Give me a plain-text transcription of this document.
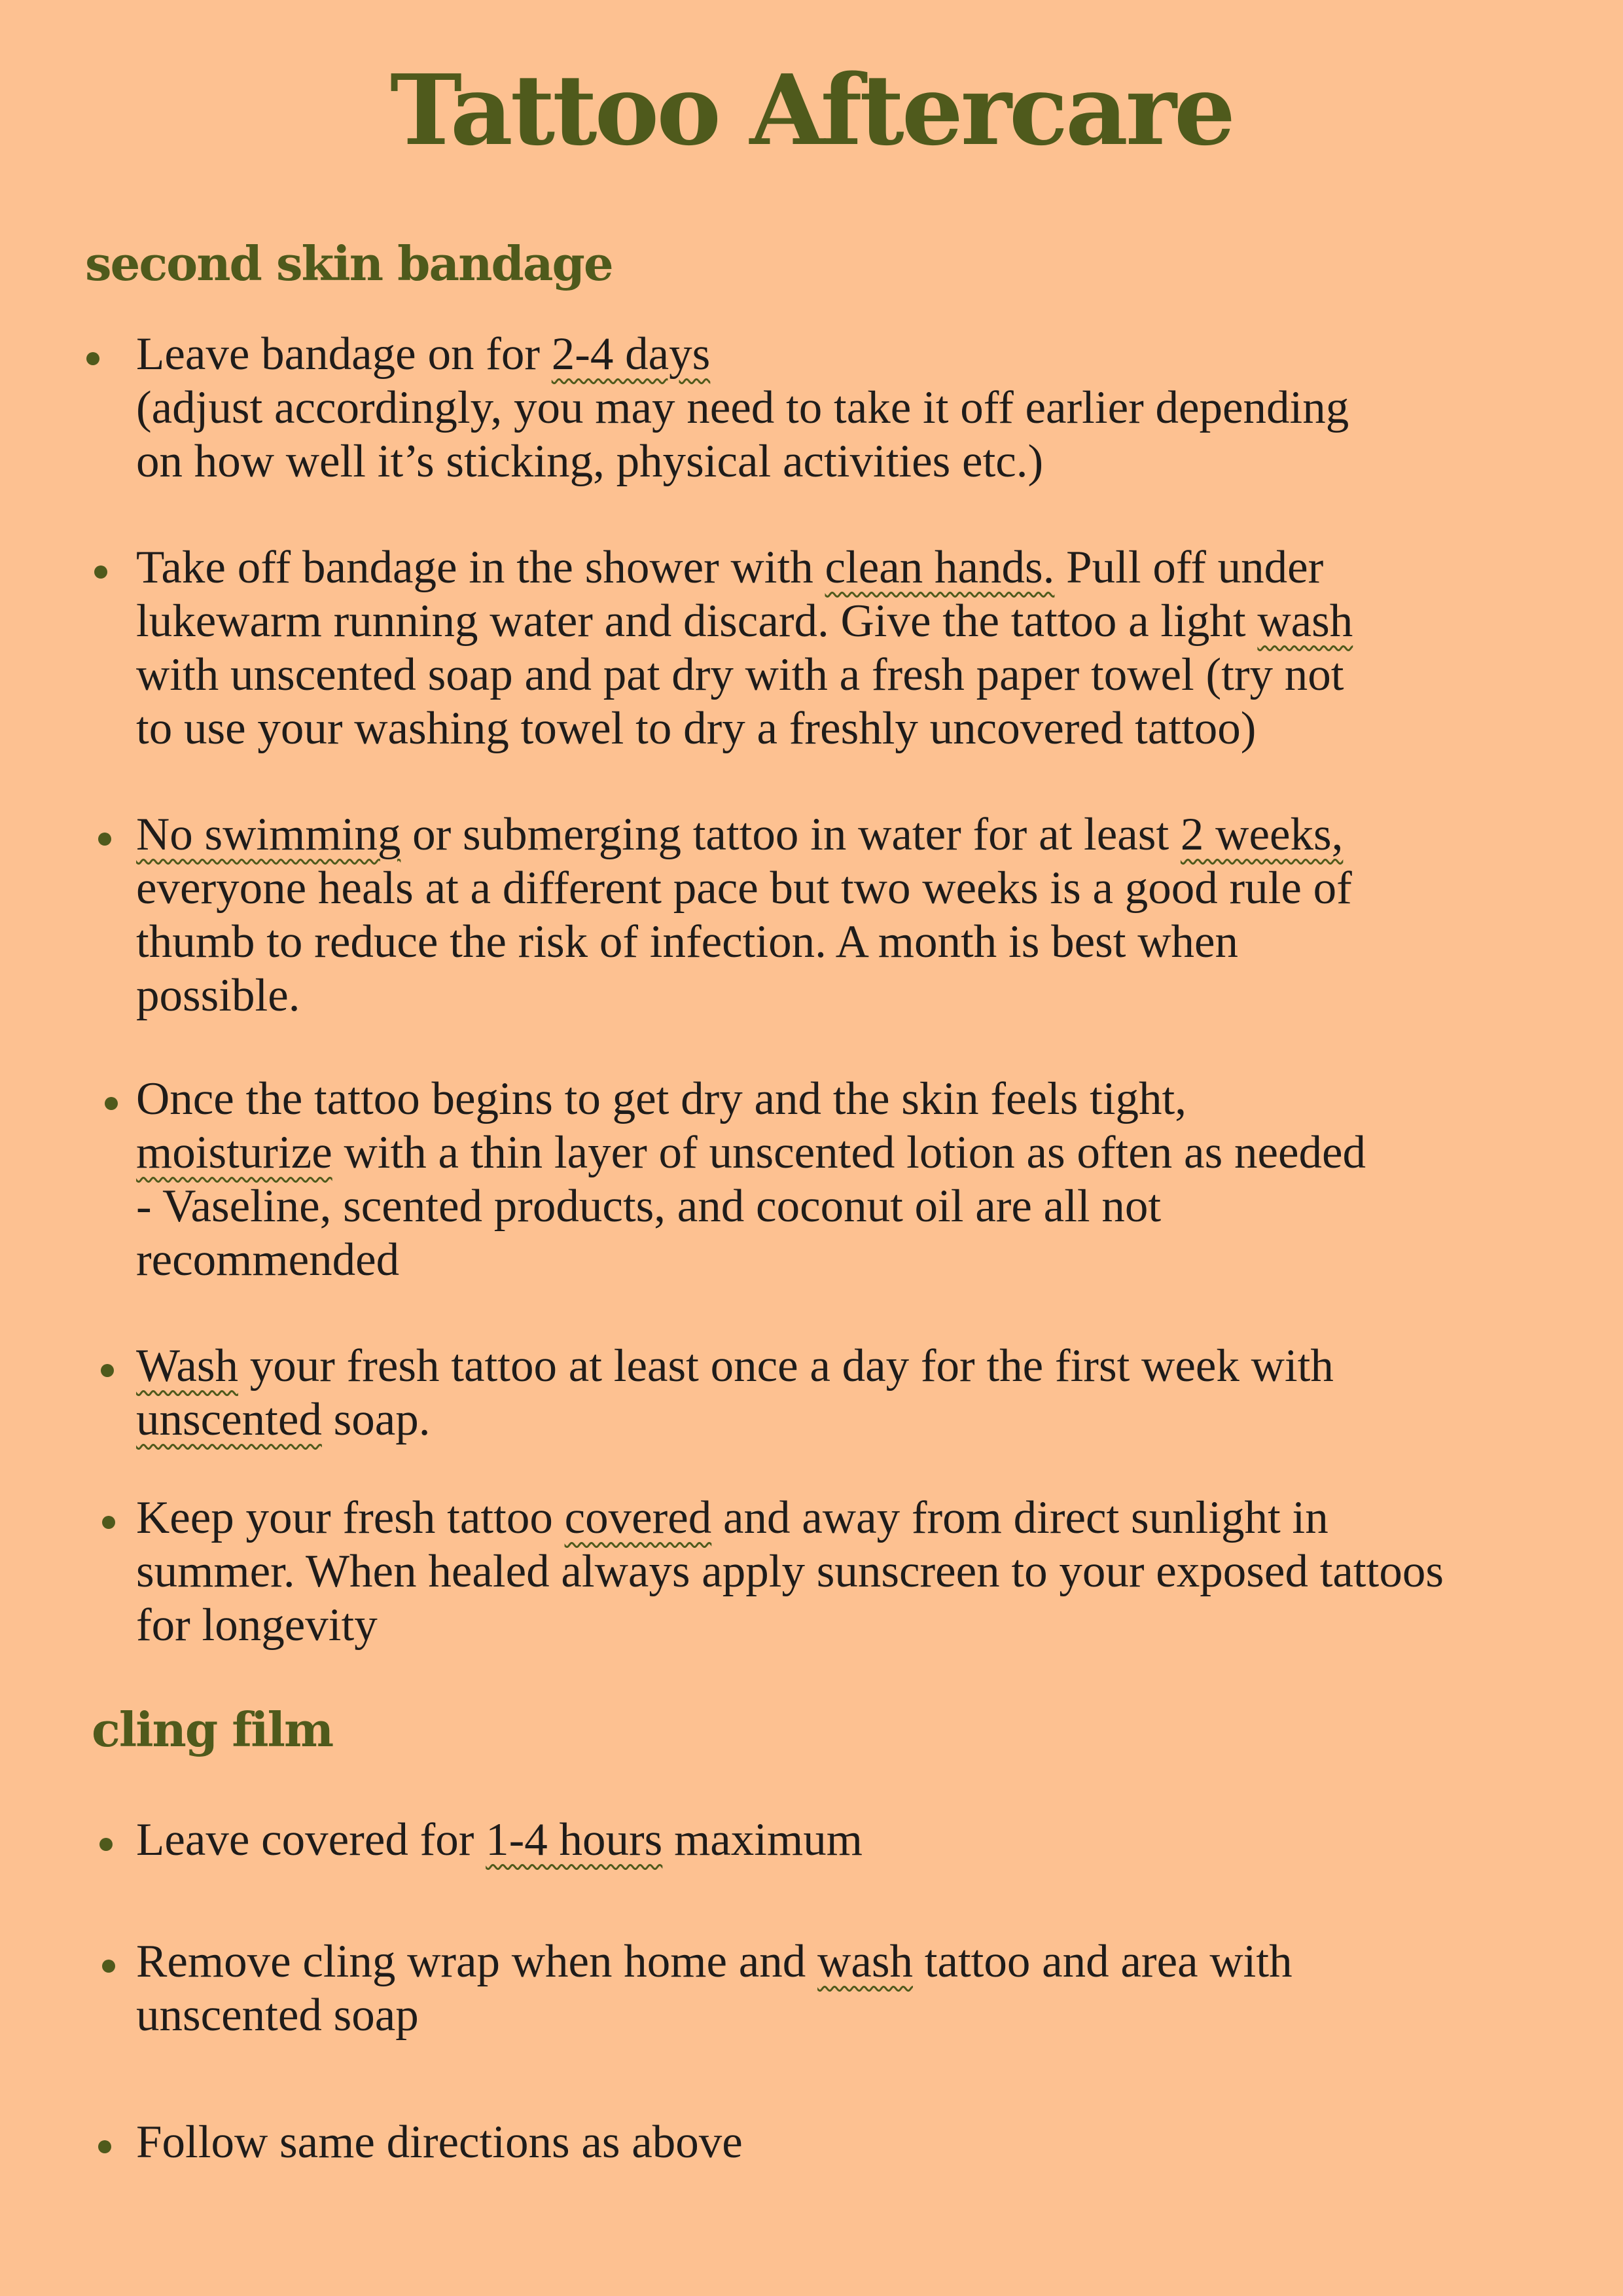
Tattoo Aftercare
second skin bandage
Leave bandage on for 2-4 days
(adjust accordingly, you may need to take it off earlier depending
on how well it’s sticking, physical activities etc.)
Take off bandage in the shower with clean hands. Pull off under
lukewarm running water and discard. Give the tattoo a light wash
with unscented soap and pat dry with a fresh paper towel (try not
to use your washing towel to dry a freshly uncovered tattoo)
No swimming or submerging tattoo in water for at least 2 weeks,
everyone heals at a different pace but two weeks is a good rule of
thumb to reduce the risk of infection. A month is best when
possible.
Once the tattoo begins to get dry and the skin feels tight,
moisturize with a thin layer of unscented lotion as often as needed
- Vaseline, scented products, and coconut oil are all not
recommended
Wash your fresh tattoo at least once a day for the first week with
unscented soap.
Keep your fresh tattoo covered and away from direct sunlight in
summer. When healed always apply sunscreen to your exposed tattoos
for longevity
cling film
Leave covered for 1-4 hours maximum
Remove cling wrap when home and wash tattoo and area with
unscented soap
Follow same directions as above
